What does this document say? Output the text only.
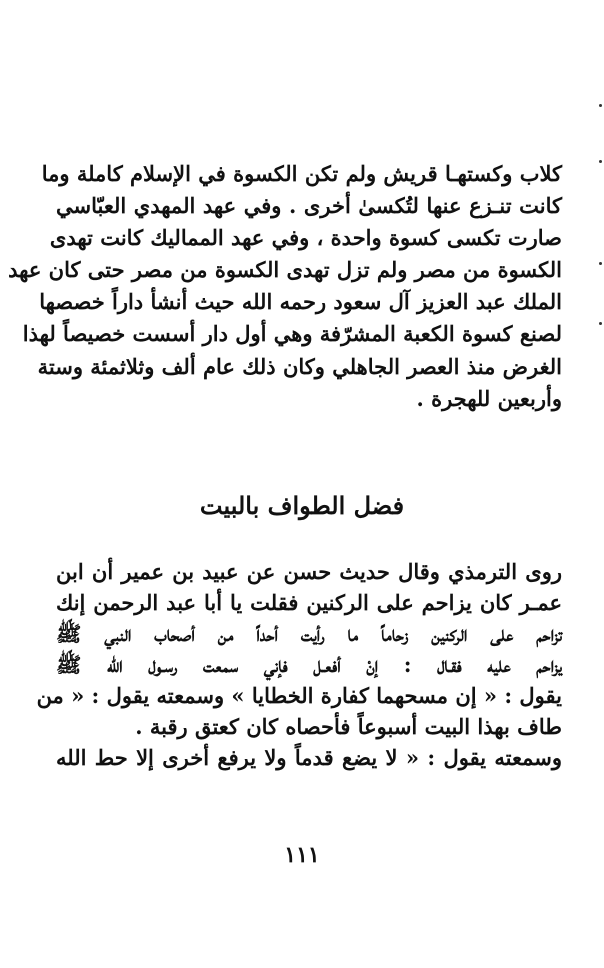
كلاب وكستهـا قريش ولم تكن الكسوة في الإسلام كاملة وما
كانت تنـزع عنها لتُكسىٰ أخرى . وفي عهد المهدي العبّاسي
صارت تكسى كسوة واحدة ، وفي عهد المماليك كانت تهدى
الكسوة من مصر ولم تزل تهدى الكسوة من مصر حتى كان عهد
الملك عبد العزيز آل سعود رحمه الله حيث أنشأ داراً خصصها
لصنع كسوة الكعبة المشرّفة وهي أول دار أسست خصيصاً لهذا
الغرض منذ العصر الجاهلي وكان ذلك عام ألف وثلاثمئة وستة
وأربعين للهجرة .
فضل الطواف بالبيت
روى الترمذي وقال حديث حسن عن عبيد بن عمير أن ابن
عمـر كان يزاحم على الركنين فقلت يا أبا عبد الرحمن إنك
تزاحم على الركنين زحاماً ما رأيت أحداً من أصحاب النبي ﷺ
يزاحم عليه فقـال : إنْ أفعـل فإني سمعت رسـول الله ﷺ
يقول : « إن مسحهما كفارة الخطايا » وسمعته يقول : « من
طاف بهذا البيت أسبوعاً فأحصاه كان كعتق رقبة .
وسمعته يقول : « لا يضع قدماً ولا يرفع أخرى إلا حط الله
١١١
